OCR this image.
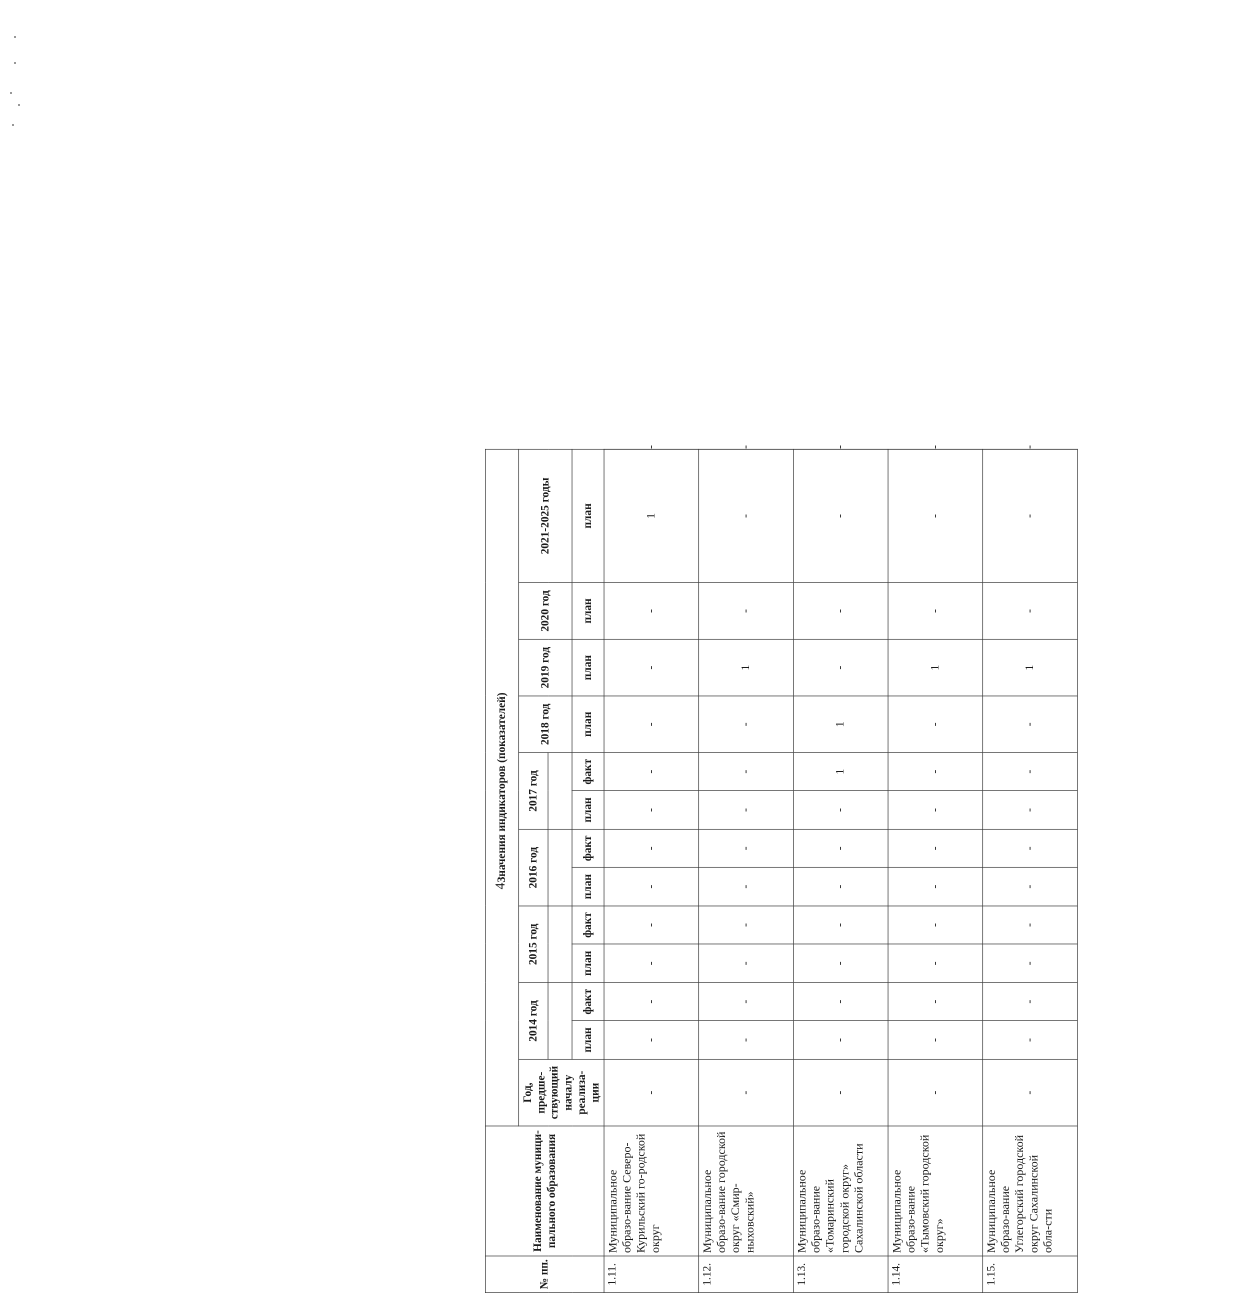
4
№ пп.	Наименование муници-пального образования	Значения индикаторов (показателей)													
		Год, предше-ствующий началу реализа-ции	2014 год		2015 год		2016 год		2017 год		2018 год	2019 год	2020 год	2021-2025 годы	

			план	факт	план	факт	план	факт	план	факт	план	план	план	план	
1.11.	Муниципальное образо-вание Северо-Курильский го-родской округ	-	-	-	-	-	-	-	-	-	-	-	-	1	-
1.12.	Муниципальное образо-вание городской округ «Смир-ныховский»	-	-	-	-	-	-	-	-	-	-	1	-	-	-
1.13.	Муниципальное образо-вание «Томаринский городской округ» Сахалинской области	-	-	-	-	-	-	-	-	1	1	-	-	-	-
1.14.	Муниципальное образо-вание «Тымовский городской округ»	-	-	-	-	-	-	-	-	-	-	1	-	-	-
1.15.	Муниципальное образо-вание Углегорский городской округ Сахалинской обла-сти	-	-	-	-	-	-	-	-	-	-	1	-	-	-
